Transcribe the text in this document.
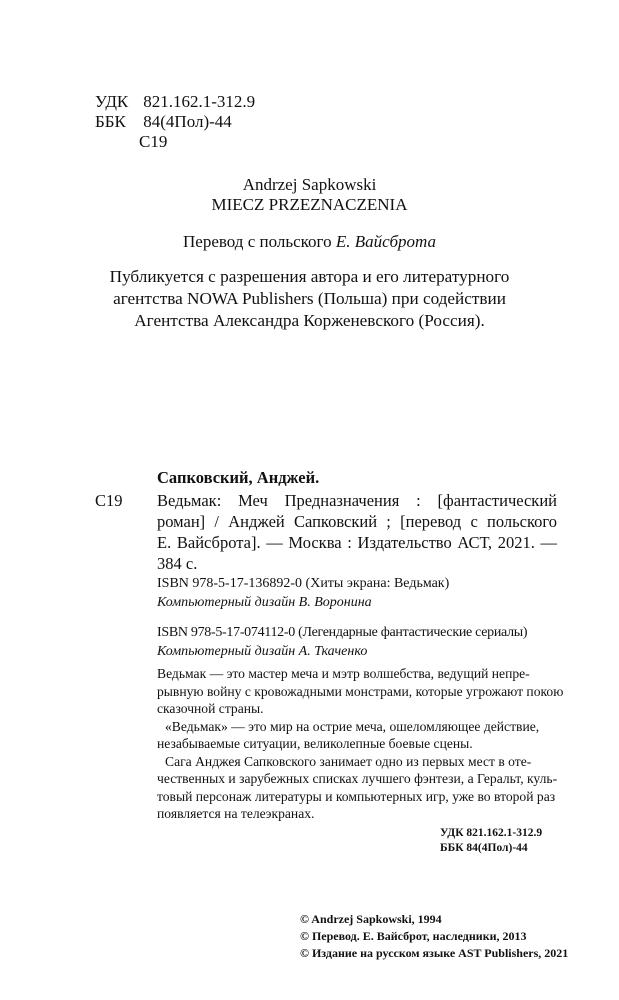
УДК 821.162.1-312.9
ББК 84(4Пол)-44
С19
Andrzej Sapkowski
MIECZ PRZEZNACZENIA
Перевод с польского Е. Вайсброта
Публикуется с разрешения автора и его литературного
агентства NOWA Publishers (Польша) при содействии
Агентства Александра Корженевского (Россия).
Сапковский, Анджей.
С19 Ведьмак: Меч Предназначения : [фантастический
роман] / Анджей Сапковский ; [перевод с польского
Е. Вайсброта]. — Москва : Издательство АСТ, 2021. —
384 с.
ISBN 978-5-17-136892-0 (Хиты экрана: Ведьмак)
Компьютерный дизайн В. Воронина
ISBN 978-5-17-074112-0 (Легендарные фантастические сериалы)
Компьютерный дизайн А. Ткаченко
Ведьмак — это мастер меча и мэтр волшебства, ведущий непре-
рывную войну с кровожадными монстрами, которые угрожают покою
сказочной страны.
«Ведьмак» — это мир на острие меча, ошеломляющее действие,
незабываемые ситуации, великолепные боевые сцены.
Сага Анджея Сапковского занимает одно из первых мест в оте-
чественных и зарубежных списках лучшего фэнтези, а Геральт, куль-
товый персонаж литературы и компьютерных игр, уже во второй раз
появляется на телеэкранах.
УДК 821.162.1-312.9
ББК 84(4Пол)-44
© Andrzej Sapkowski, 1994
© Перевод. Е. Вайсброт, наследники, 2013
© Издание на русском языке AST Publishers, 2021
